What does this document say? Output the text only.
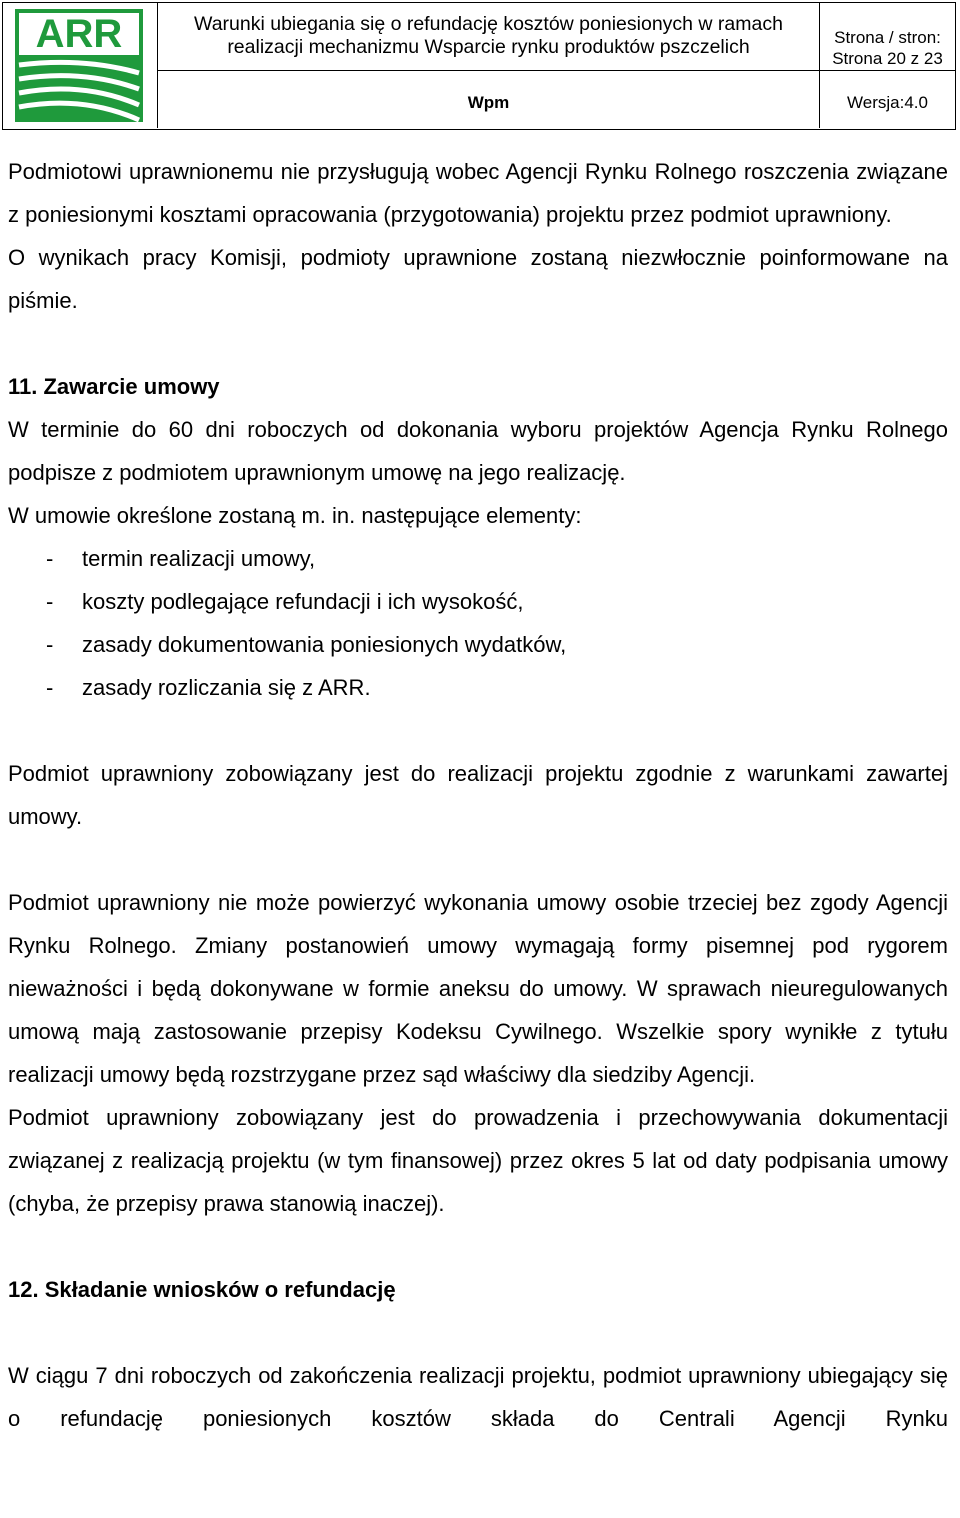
ARR	Warunki ubiegania się o refundację kosztów poniesionych w ramach
realizacji mechanizmu Wsparcie rynku produktów pszczelich	Strona / stron:
Strona 20 z 23
Wpm	Wersja:4.0

Podmiotowi uprawnionemu nie przysługują wobec Agencji Rynku Rolnego roszczenia związane z poniesionymi kosztami opracowania (przygotowania) projektu przez podmiot uprawniony.

O wynikach pracy Komisji, podmioty uprawnione zostaną niezwłocznie poinformowane na piśmie.

11. Zawarcie umowy

W terminie do 60 dni roboczych od dokonania wyboru projektów Agencja Rynku Rolnego podpisze z podmiotem uprawnionym umowę na jego realizację.

W umowie określone zostaną m. in. następujące elementy:

- termin realizacji umowy,
- koszty podlegające refundacji i ich wysokość,
- zasady dokumentowania poniesionych wydatków,
- zasady rozliczania się z ARR.

Podmiot uprawniony zobowiązany jest do realizacji projektu zgodnie z warunkami zawartej umowy.

Podmiot uprawniony nie może powierzyć wykonania umowy osobie trzeciej bez zgody Agencji Rynku Rolnego. Zmiany postanowień umowy wymagają formy pisemnej pod rygorem nieważności i będą dokonywane w formie aneksu do umowy. W sprawach nieuregulowanych umową mają zastosowanie przepisy Kodeksu Cywilnego. Wszelkie spory wynikłe z tytułu realizacji umowy będą rozstrzygane przez sąd właściwy dla siedziby Agencji.

Podmiot uprawniony zobowiązany jest do prowadzenia i przechowywania dokumentacji związanej z realizacją projektu (w tym finansowej) przez okres 5 lat od daty podpisania umowy (chyba, że przepisy prawa stanowią inaczej).

12. Składanie wniosków o refundację

W ciągu 7 dni roboczych od zakończenia realizacji projektu, podmiot uprawniony ubiegający się o refundację poniesionych kosztów składa do Centrali Agencji Rynku
